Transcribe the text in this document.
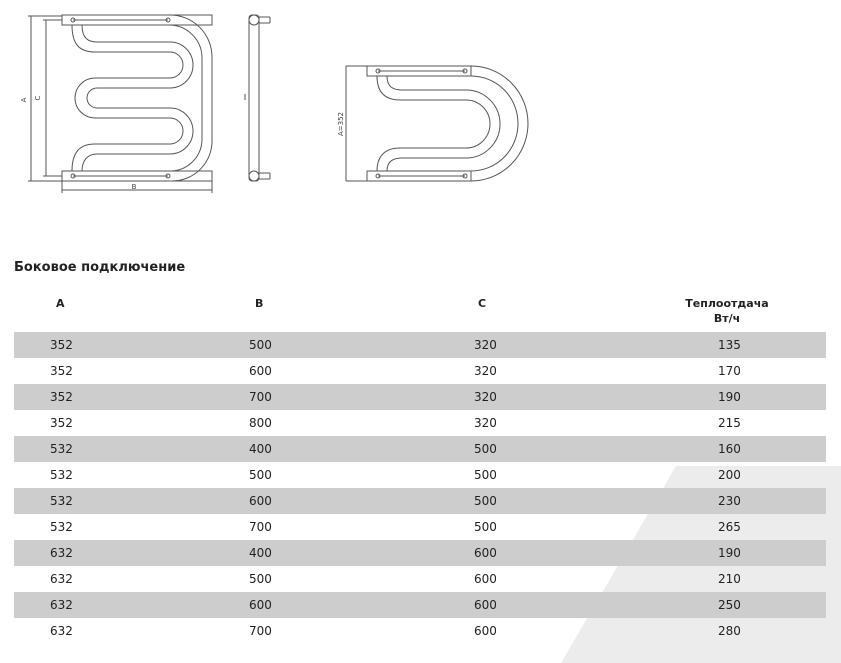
A C
B
A=352
Боковое подключение
A	B	C	Теплоотдача
Вт/ч
352	500	320	135
352	600	320	170
352	700	320	190
352	800	320	215
532	400	500	160
532	500	500	200
532	600	500	230
532	700	500	265
632	400	600	190
632	500	600	210
632	600	600	250
632	700	600	280
